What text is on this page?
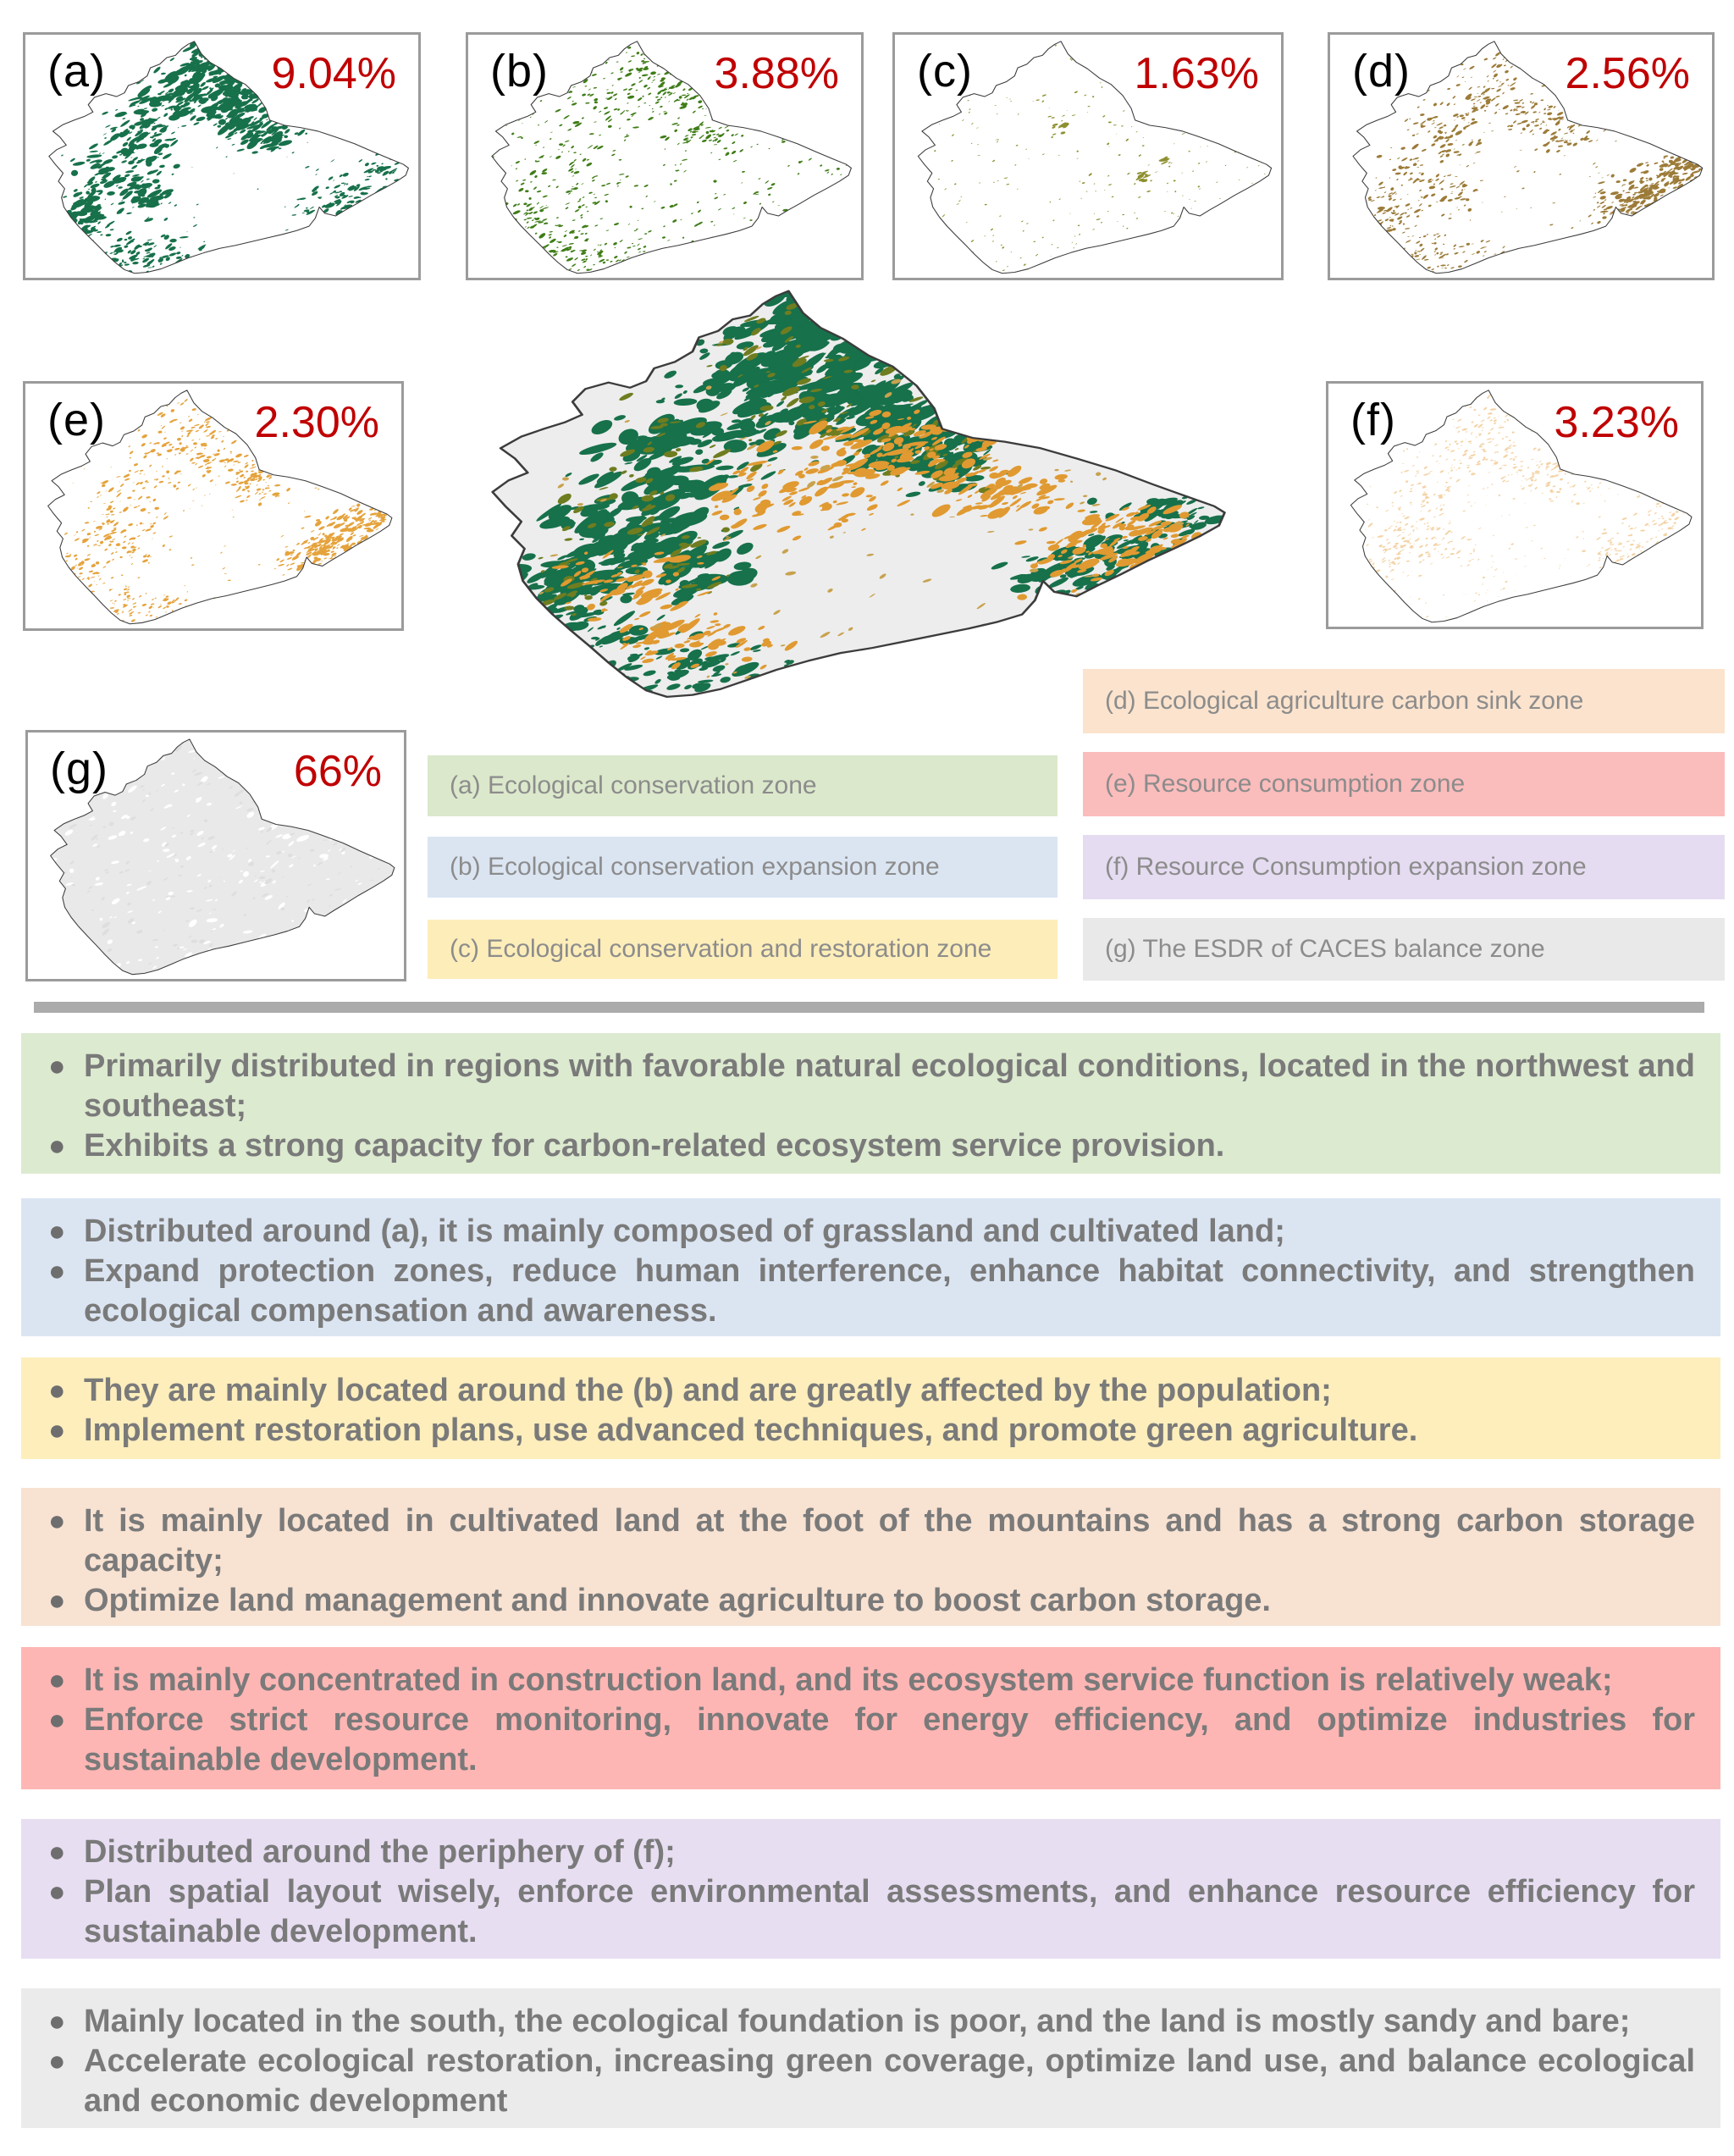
(a)	9.04% (b)	3.88% (c)	1.63% (d)	2.56%
(e)	2.30%	(f)	3.23%
(g)	66%	(a) Ecological conservation zone
(b) Ecological conservation expansion zone
(c) Ecological conservation and restoration zone
(d) Ecological agriculture carbon sink zone
(e) Resource consumption zone
(f) Resource Consumption expansion zone
(g) The ESDR of CACES balance zone

● Primarily distributed in regions with favorable natural ecological conditions, located in the northwest and southeast;

● Exhibits a strong capacity for carbon-related ecosystem service provision.

● Distributed around (a), it is mainly composed of grassland and cultivated land;

● Expand protection zones, reduce human interference, enhance habitat connectivity, and strengthen ecological compensation and awareness.

● They are mainly located around the (b) and are greatly affected by the population;

● Implement restoration plans, use advanced techniques, and promote green agriculture.

● It is mainly located in cultivated land at the foot of the mountains and has a strong carbon storage capacity;

● Optimize land management and innovate agriculture to boost carbon storage.

● It is mainly concentrated in construction land, and its ecosystem service function is relatively weak;

● Enforce strict resource monitoring, innovate for energy efficiency, and optimize industries for sustainable development.

● Distributed around the periphery of (f);

● Plan spatial layout wisely, enforce environmental assessments, and enhance resource efficiency for sustainable development.

● Mainly located in the south, the ecological foundation is poor, and the land is mostly sandy and bare;

● Accelerate ecological restoration, increasing green coverage, optimize land use, and balance ecological and economic development
